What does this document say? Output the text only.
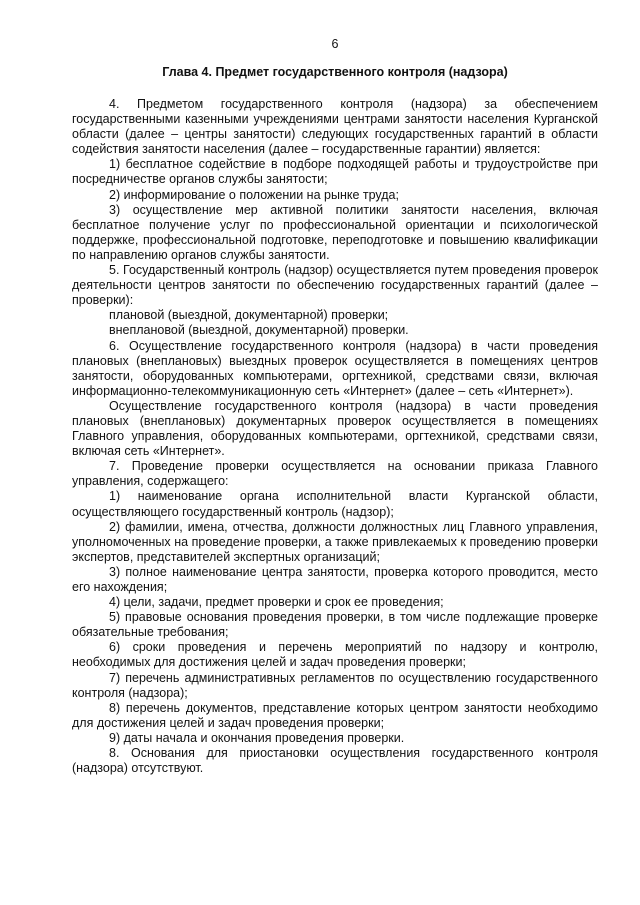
6
Глава 4. Предмет государственного контроля (надзора)

4. Предметом государственного контроля (надзора) за обеспечением государственными казенными учреждениями центрами занятости населения Курганской области (далее – центры занятости) следующих государственных гарантий в области содействия занятости населения (далее – государственные гарантии) является:

1) бесплатное содействие в подборе подходящей работы и трудоустройстве при посредничестве органов службы занятости;

2) информирование о положении на рынке труда;

3) осуществление мер активной политики занятости населения, включая бесплатное получение услуг по профессиональной ориентации и психологической поддержке, профессиональной подготовке, переподготовке и повышению квалификации по направлению органов службы занятости.

5. Государственный контроль (надзор) осуществляется путем проведения проверок деятельности центров занятости по обеспечению государственных гарантий (далее – проверки):

плановой (выездной, документарной) проверки;

внеплановой (выездной, документарной) проверки.

6. Осуществление государственного контроля (надзора) в части проведения плановых (внеплановых) выездных проверок осуществляется в помещениях центров занятости, оборудованных компьютерами, оргтехникой, средствами связи, включая информационно-телекоммуникационную сеть «Интернет» (далее – сеть «Интернет»).

Осуществление государственного контроля (надзора) в части проведения плановых (внеплановых) документарных проверок осуществляется в помещениях Главного управления, оборудованных компьютерами, оргтехникой, средствами связи, включая сеть «Интернет».

7. Проведение проверки осуществляется на основании приказа Главного управления, содержащего:

1) наименование органа исполнительной власти Курганской области, осуществляющего государственный контроль (надзор);

2) фамилии, имена, отчества, должности должностных лиц Главного управления, уполномоченных на проведение проверки, а также привлекаемых к проведению проверки экспертов, представителей экспертных организаций;

3) полное наименование центра занятости, проверка которого проводится, место его нахождения;

4) цели, задачи, предмет проверки и срок ее проведения;

5) правовые основания проведения проверки, в том числе подлежащие проверке обязательные требования;

6) сроки проведения и перечень мероприятий по надзору и контролю, необходимых для достижения целей и задач проведения проверки;

7) перечень административных регламентов по осуществлению государственного контроля (надзора);

8) перечень документов, представление которых центром занятости необходимо для достижения целей и задач проведения проверки;

9) даты начала и окончания проведения проверки.

8. Основания для приостановки осуществления государственного контроля (надзора) отсутствуют.
